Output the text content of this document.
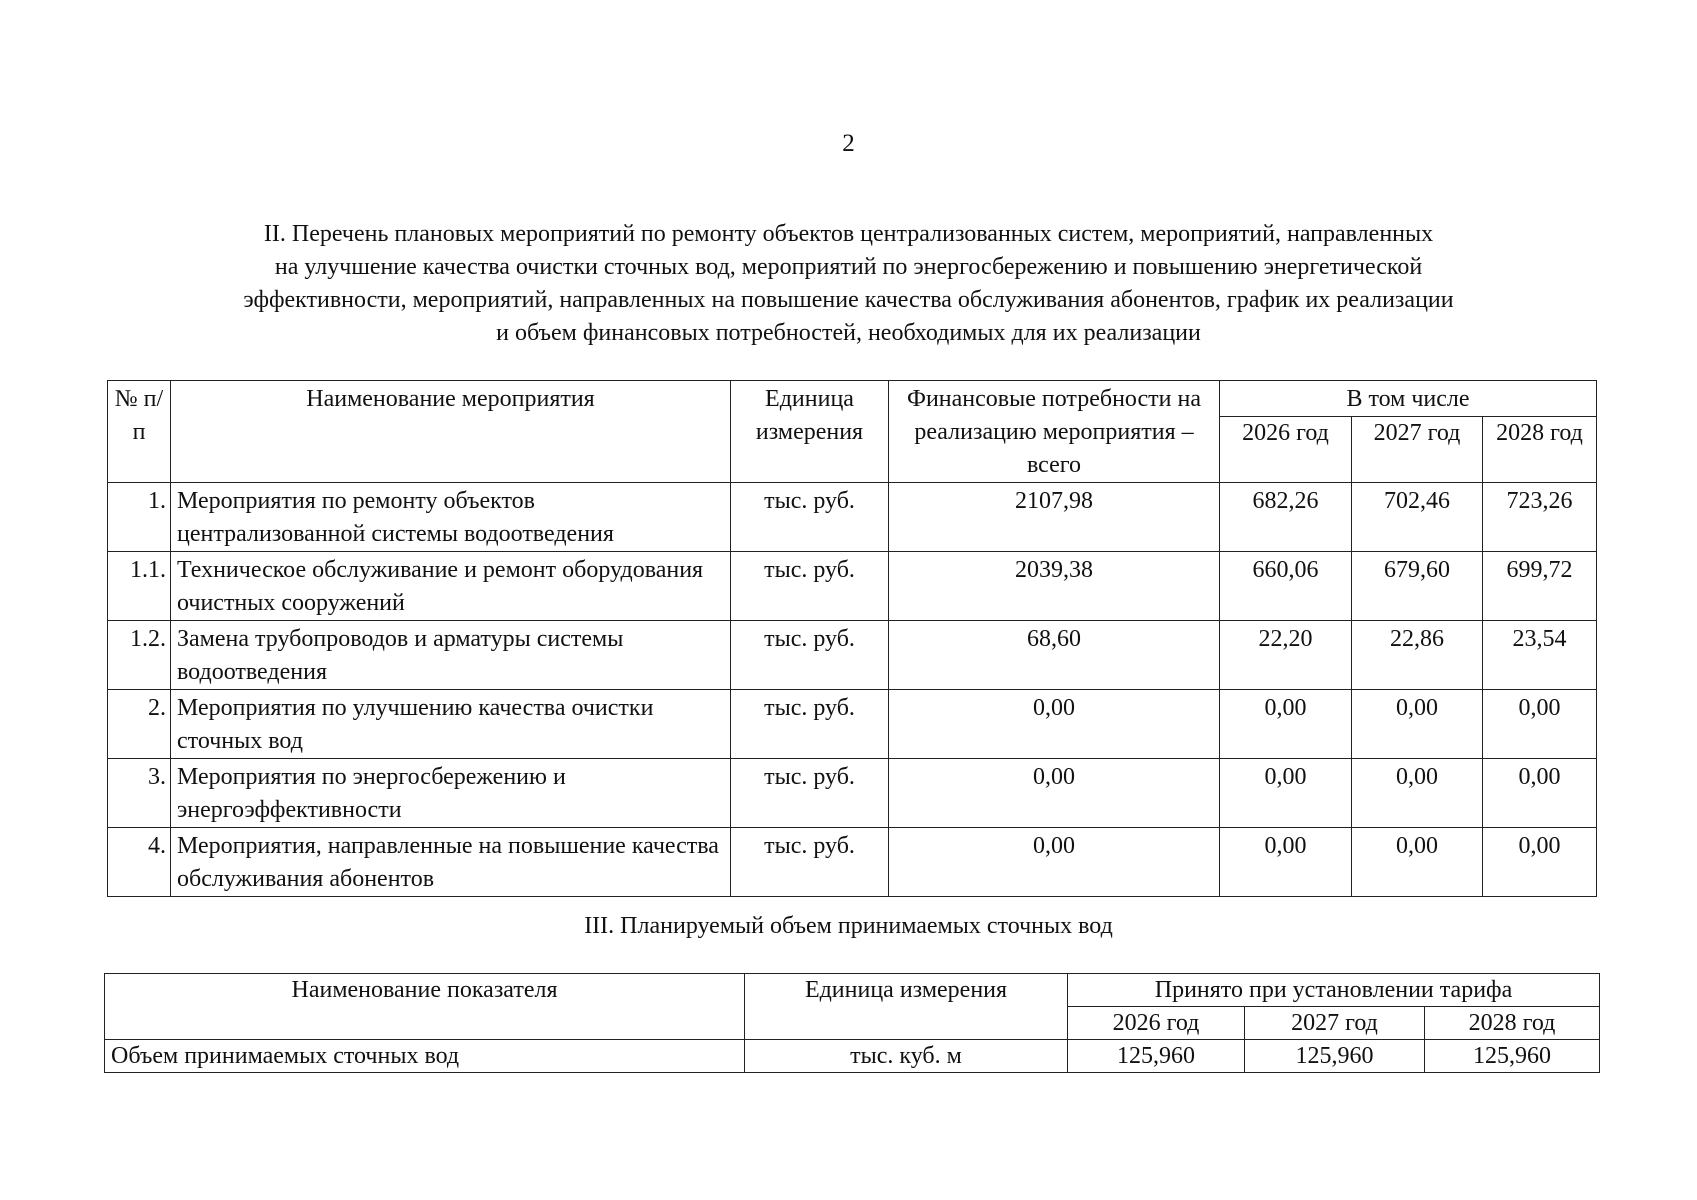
2
II. Перечень плановых мероприятий по ремонту объектов централизованных систем, мероприятий, направленных
на улучшение качества очистки сточных вод, мероприятий по энергосбережению и повышению энергетической
эффективности, мероприятий, направленных на повышение качества обслуживания абонентов, график их реализации
и объем финансовых потребностей, необходимых для их реализации
№ п/п	Наименование мероприятия	Единица измерения	Финансовые потребности на реализацию мероприятия – всего	В том числе		
				2026 год	2027 год	2028 год
1.	Мероприятия по ремонту объектов централизованной системы водоотведения	тыс. руб.	2107,98	682,26	702,46	723,26
1.1.	Техническое обслуживание и ремонт оборудования очистных сооружений	тыс. руб.	2039,38	660,06	679,60	699,72
1.2.	Замена трубопроводов и арматуры системы водоотведения	тыс. руб.	68,60	22,20	22,86	23,54
2.	Мероприятия по улучшению качества очистки сточных вод	тыс. руб.	0,00	0,00	0,00	0,00
3.	Мероприятия по энергосбережению и энергоэффективности	тыс. руб.	0,00	0,00	0,00	0,00
4.	Мероприятия, направленные на повышение качества обслуживания абонентов	тыс. руб.	0,00	0,00	0,00	0,00
III. Планируемый объем принимаемых сточных вод
Наименование показателя	Единица измерения	Принято при установлении тарифа		
		2026 год	2027 год	2028 год
Объем принимаемых сточных вод	тыс. куб. м	125,960	125,960	125,960
